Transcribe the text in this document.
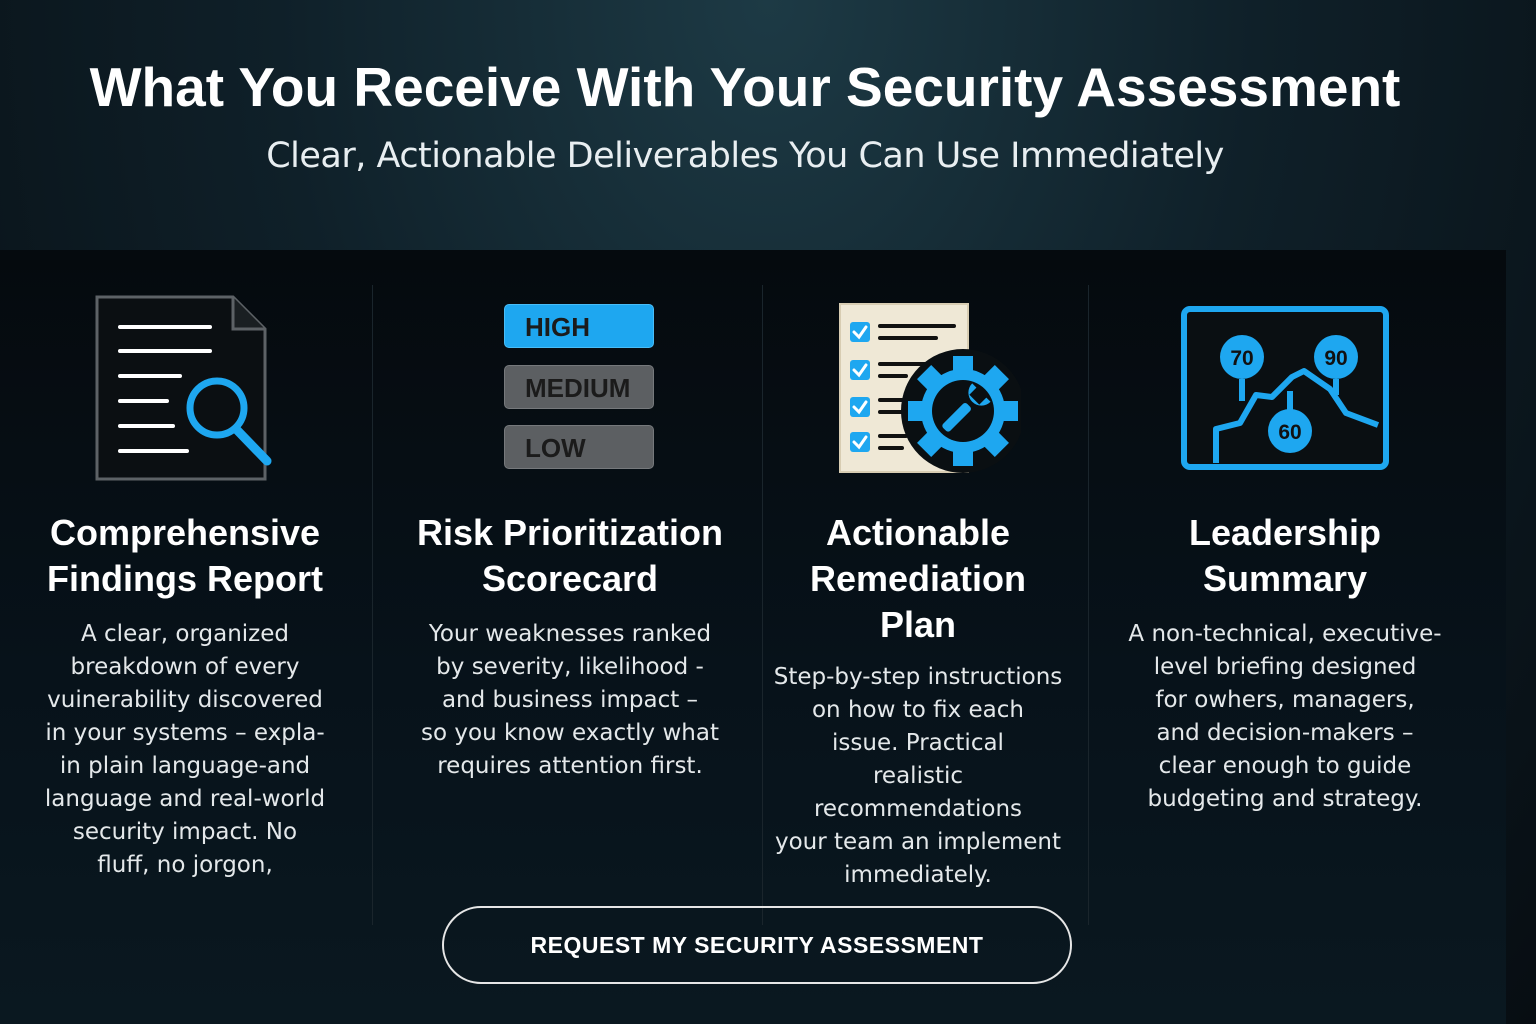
What You Receive With Your Security Assessment
Clear, Actionable Deliverables You Can Use Immediately
Comprehensive
Findings Report
A clear, organized
breakdown of every
vuinerability discovered
in your systems – expla-
in plain language-and
language and real-world
security impact. No
fluff, no jorgon,
HIGH
MEDIUM
LOW
Risk Prioritization
Scorecard
Your weaknesses ranked
by severity, likelihood -
and business impact –
so you know exactly what
requires attention first.
Actionable
Remediation
Plan
Step-by-step instructions
on how to fix each
issue. Practical
realistic recommendations
your team an implement
immediately.
70	90
60
Leadership
Summary
A non-technical, executive-
level briefing designed
for owhers, managers,
and decision-makers –
clear enough to guide
budgeting and strategy.
REQUEST MY SECURITY ASSESSMENT
